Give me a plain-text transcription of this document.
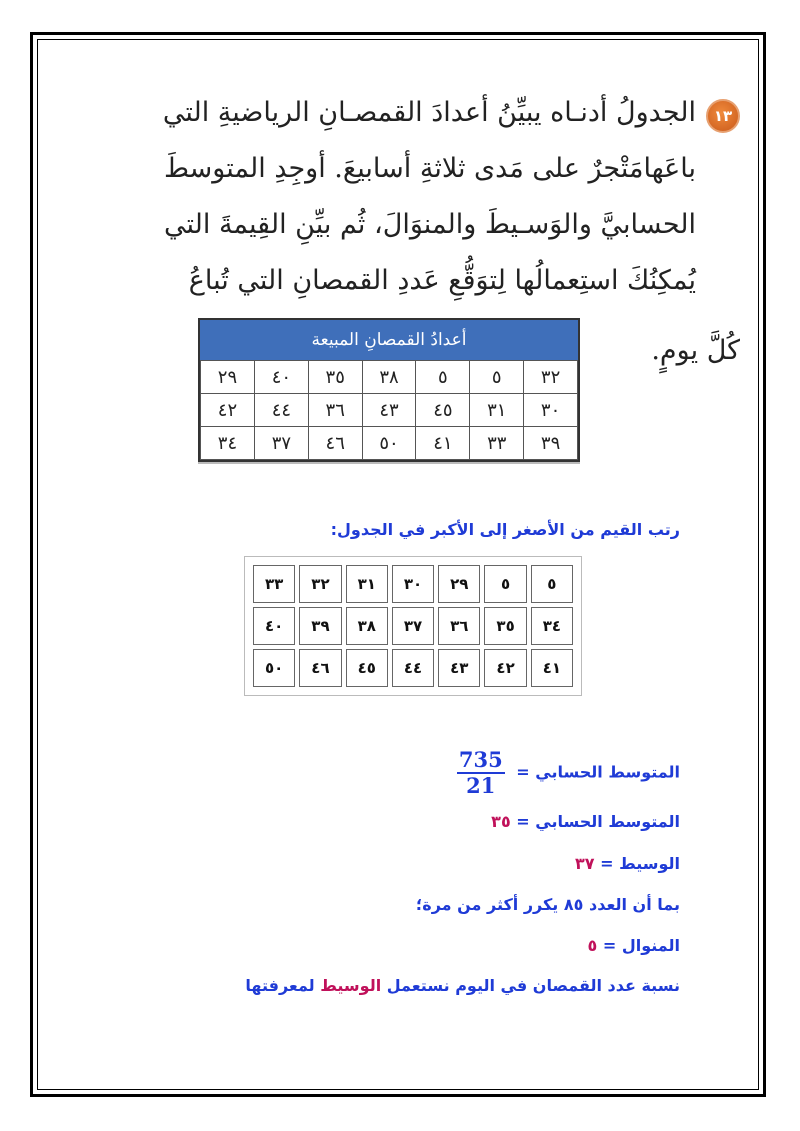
١٣
الجدولُ أدنـاه يبيِّنُ أعدادَ القمصـانِ الرياضيةِ التي
باعَهامَتْجرٌ على مَدى ثلاثةِ أسابيعَ. أوجِدِ المتوسطَ
الحسابيَّ والوَسـيطَ والمنوَالَ، ثُم بيِّنِ القِيمةَ التي
يُمكِنُكَ استِعمالُها لِتوَقُّعِ عَددِ القمصانِ التي تُباعُ
كُلَّ يومٍ.
أعدادُ القمصانِ المبيعة
٣٢	٥	٥	٣٨	٣٥	٤٠	٢٩
٣٠	٣١	٤٥	٤٣	٣٦	٤٤	٤٢
٣٩	٣٣	٤١	٥٠	٤٦	٣٧	٣٤
رتب القيم من الأصغر إلى الأكبر في الجدول:
٥	٥	٢٩	٣٠	٣١	٣٢	٣٣
٣٤	٣٥	٣٦	٣٧	٣٨	٣٩	٤٠
٤١	٤٢	٤٣	٤٤	٤٥	٤٦	٥٠
المتوسط الحسابي =
$\frac{735}{21}$
المتوسط الحسابي = ٣٥
الوسيط = ٣٧
بما أن العدد ٨٥ يكرر أكثر من مرة؛
المنوال = ٥
نسبة عدد القمصان في اليوم نستعمل الوسيط لمعرفتها
